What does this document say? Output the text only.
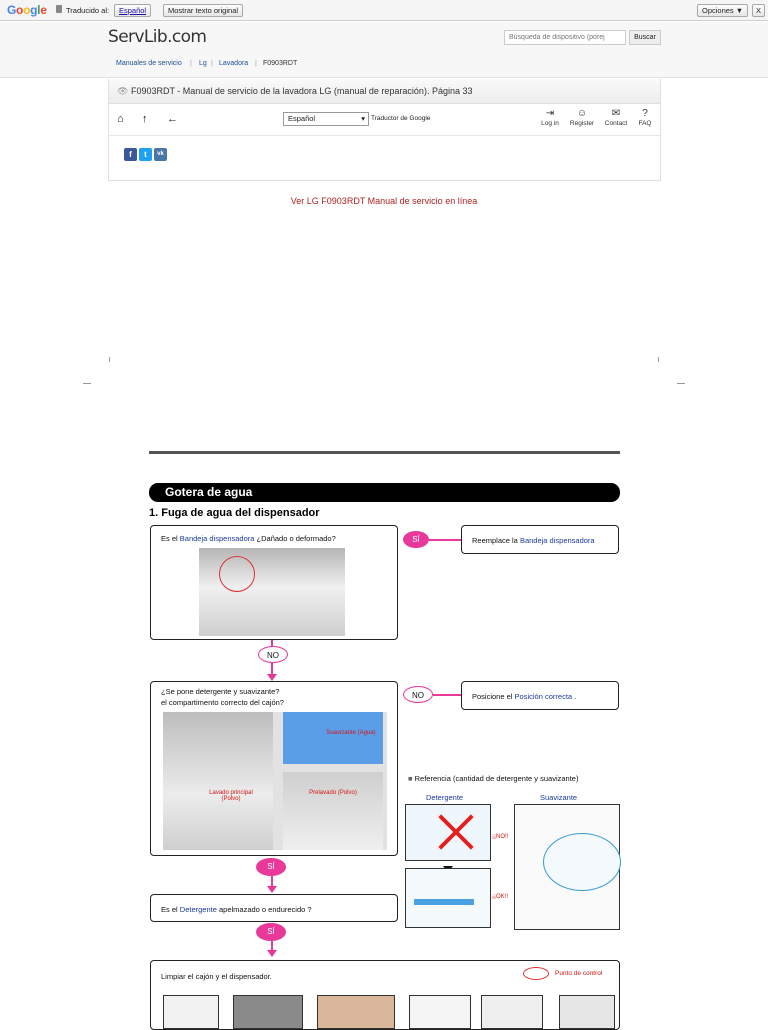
Google	Traducido al:	Español	Mostrar texto original	Opciones ▼	X
ServLib.com
Búsqueda de dispositivo (porej	Buscar
Manuales de servicio | Lg | Lavadora | F0903RDT
👁 F0903RDT - Manual de servicio de la lavadora LG (manual de reparación). Página 33
⌂ ↑ ←	Español	▾ Traductor de Google	⇥
Log in
☺
Register
✉
Contact
?
FAQ
f	t	vk
Ver LG F0903RDT Manual de servicio en línea
Gotera de agua
1. Fuga de agua del dispensador
Es el Bandeja dispensadora ¿Dañado o deformado?	SÍ	Reemplace la Bandeja dispensadora
NO
¿Se pone detergente y suavizante?
el compartimento correcto del cajón?
Suavizante (Agua)
Lavado principal (Polvo)
Prelavado (Polvo)
NO	Posicione el Posición correcta .
■ Referencia (cantidad de detergente y suavizante)
Detergente	Suavizante
¡¡NO!!
¡¡OK!!
SÍ
Es el Detergente apelmazado o endurecido ?
SÍ
Limpiar el cajón y el dispensador.	Punto de control
